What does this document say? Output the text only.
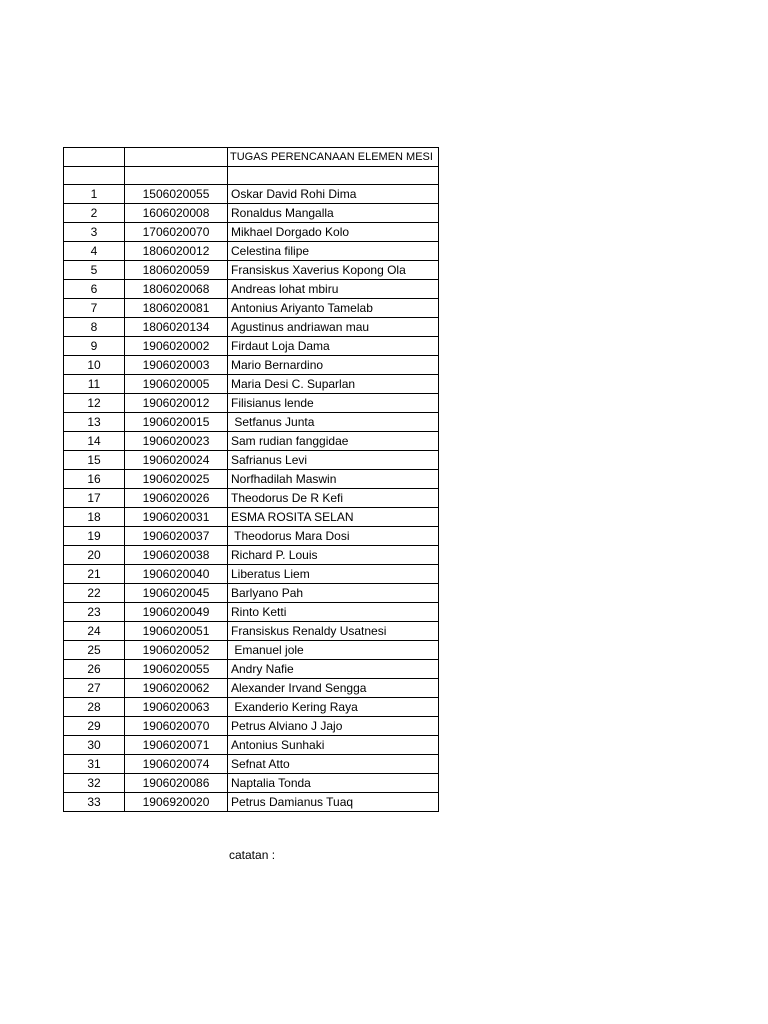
		TUGAS PERENCANAAN ELEMEN MESI

1	1506020055	Oskar David Rohi Dima
2	1606020008	Ronaldus Mangalla
3	1706020070	Mikhael Dorgado Kolo
4	1806020012	Celestina filipe
5	1806020059	Fransiskus Xaverius Kopong Ola
6	1806020068	Andreas lohat mbiru
7	1806020081	Antonius Ariyanto Tamelab
8	1806020134	Agustinus andriawan mau
9	1906020002	Firdaut Loja Dama
10	1906020003	Mario Bernardino
11	1906020005	Maria Desi C. Suparlan
12	1906020012	Filisianus lende
13	1906020015	Setfanus Junta
14	1906020023	Sam rudian fanggidae
15	1906020024	Safrianus Levi
16	1906020025	Norfhadilah Maswin
17	1906020026	Theodorus De R Kefi
18	1906020031	ESMA ROSITA SELAN
19	1906020037	Theodorus Mara Dosi
20	1906020038	Richard P. Louis
21	1906020040	Liberatus Liem
22	1906020045	Barlyano Pah
23	1906020049	Rinto Ketti
24	1906020051	Fransiskus Renaldy Usatnesi
25	1906020052	Emanuel jole
26	1906020055	Andry Nafie
27	1906020062	Alexander Irvand Sengga
28	1906020063	Exanderio Kering Raya
29	1906020070	Petrus Alviano J Jajo
30	1906020071	Antonius Sunhaki
31	1906020074	Sefnat Atto
32	1906020086	Naptalia Tonda
33	1906920020	Petrus Damianus Tuaq
catatan :
